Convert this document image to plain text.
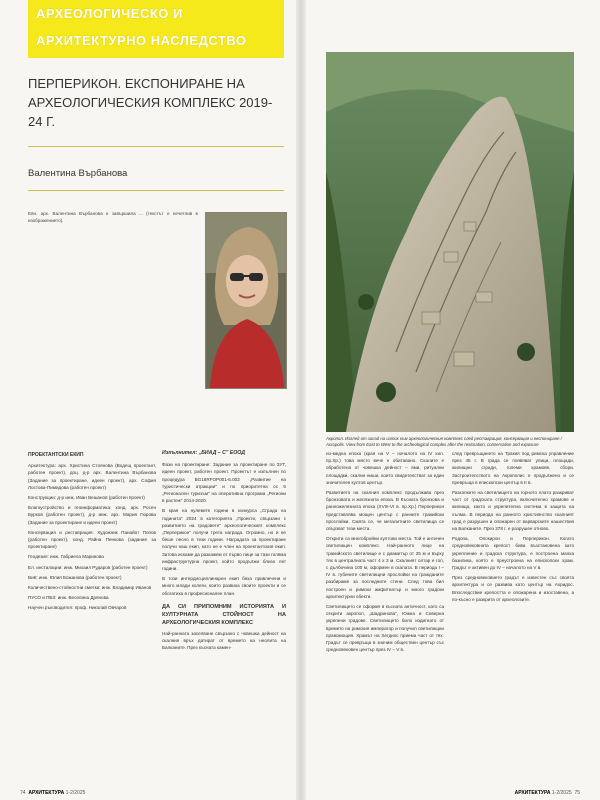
АРХЕОЛОГИЧЕСКО И
АРХИТЕКТУРНО НАСЛЕДСТВО
ПЕРПЕРИКОН. ЕКСПОНИРАНЕ НА
АРХЕОЛОГИЧЕСКИЯ КОМПЛЕКС 2019-24 Г.
Валентина Върбанова
Евн. арх. Валентина Върбанова е завършила ... (текстът е нечетлив в изображението).
Акропол. Изглед от запад на изток към археологическия комплекс след реставрация, консервация и експониране / Acropolis. View from East to West to the archeological complex after the restoration, conservation and exposure
ПРОЕКТАНТСКИ ЕКИП

Архитектура: арх. Христина Стоянова (Водещ проектант, работен проект), доц. д-р арх. Валентина Върбанова (Задание за проектиране, идеен проект), арх. София Лостова-Пимидова (работен проект)

Конструкции: д-р инж. Иван Вешанов (работен проект)

Благоустройство и геоинформатика: хонд. арх. Росен Бурков (работен проект), д-р инж. арх. Мария Гюрова (Задание за проектиране и идеен проект)

Консервация и реставрация: Художник Панайот Попов (работен проект), хонд. Райна Пенкова (задание за проектиране)

Геодезия: инж. Габриела Маринова

Ел. инсталации: инж. Михаил Рударов (работен проект)

ВиК: инж. Юлия Божанова (работен проект)

Количествено-стойностни сметки: инж. Владимир Иванов

ПУСО и ПБЗ: инж. Веселина Дрянова

Научен ръководител: проф. Николай Овчаров

Изпълнител: „БИАД – С" ЕООД

Фази на проектиране: Задание за проектиране по ЗУТ, идеен проект, работен проект. Проектът е изпълнен по процедура BG16RFOP001-6.002 „Развитие на туристически атракции" и по приоритетна ос 6 „Регионален туризъм" на оперативна програма „Региони в растеж" 2014-2020.

В края на нулевите години в конкурса „Сграда на годината" 2024 в категорията „Проекти, свързани с развитието на градовете" археологическият комплекс „Перперикон" получи трета награда. Огромно, но и не беше лесно в тези години. Наградата за проектиране получи наш екип, като не е член на проектантския екип. Затова искаме да разкажем от първо лице за тази голяма инфраструктурна проект, който продължи близо пет години.

В този интердисциплинарен екип бяха привлечени и много млади колеги, които развиха своите проекти и се обогатиха в професионален план.

ДА СИ ПРИПОМНИМ ИСТОРИЯТА И КУЛТУРНАТА СТОЙНОСТ НА АРХЕОЛОГИЧЕСКИЯ КОМПЛЕКС

Най-ранната заселване свързано с човешка дейност на скалния връх датират от времето на неолита на Балканите. През късната камен-

но-медна епоха (края на V – началото на IV хил. пр.Хр.) това място вече е обитавано. Скалите е обработена от човешка дейност – ями, ритуални площадки, скални ниши, които свидетелстват за един значителен култов център.

Развитието на скалния комплекс продължава през бронзовата и желязната епоха. В Късната бронзова и ранножелязната епоха (XVIII-VI в. пр.Хр.) Перперикон представлява мощен център с ранните тракийски прослойки. Смята се, че мегалитните светилища се свързват тези места.

Открити са многобройни култови места. Той е античен светилищен комплекс. Най-ранното лице на тракийското светилище е с диаметър от 25 м и върху тях в централната част 4 х 3 м. Скалният олтар е гол, с дълбочина 100 м, оформен в скалата. В периода I – IV в. губените светилищни прослойки на гражданите разбираме за последните стени. След това бил построен и римски амфитеатър и много градски архитектурни обекти.

Светилището се оформя в късната античност, като са открити акропол, „Шадринова", Южна и Северна укрепени градове. Светилището било издигнато от времето на римския император и получил светилищни правомощия. Храмът на Хегдиос приема част от тях. Градът се превръща в значим обществен център със средновековен център през IV – V в.

след превръщането на Тракия под римска управление през 45 г. В града се появяват улици, площади, жилищни сгради, големи храмове, сбори. Застроителството на Акрополис е продължено и се превръща в епископски център в II в.

Разкопките на светилището на горното плато разкриват част от градската структура, включително храмове и жилища, както и укрепителна система в защита на хълма. В периода на ранното християнство скалният град е разрушен и опожарен от варварските нашествия на Балканите. През 378 г. е разрушен отново.

Родопа, Опокирон и Перперикон. Когато средновековната крепост бива възстановена като укрепление и градска структура, е построена малка базилика, която е преустроена на епископски храм. Градът е активен до IV – началото на V в.

През средновековието градът е известен със своята архитектура и се развива като център на Ахридос. Впоследствие крепостта е опожарена и изоставена, а по-късно е разкрита от археолозите.

74 АРХИТЕКТУРА 1-2/2025	АРХИТЕКТУРА 1-2/2025 75
